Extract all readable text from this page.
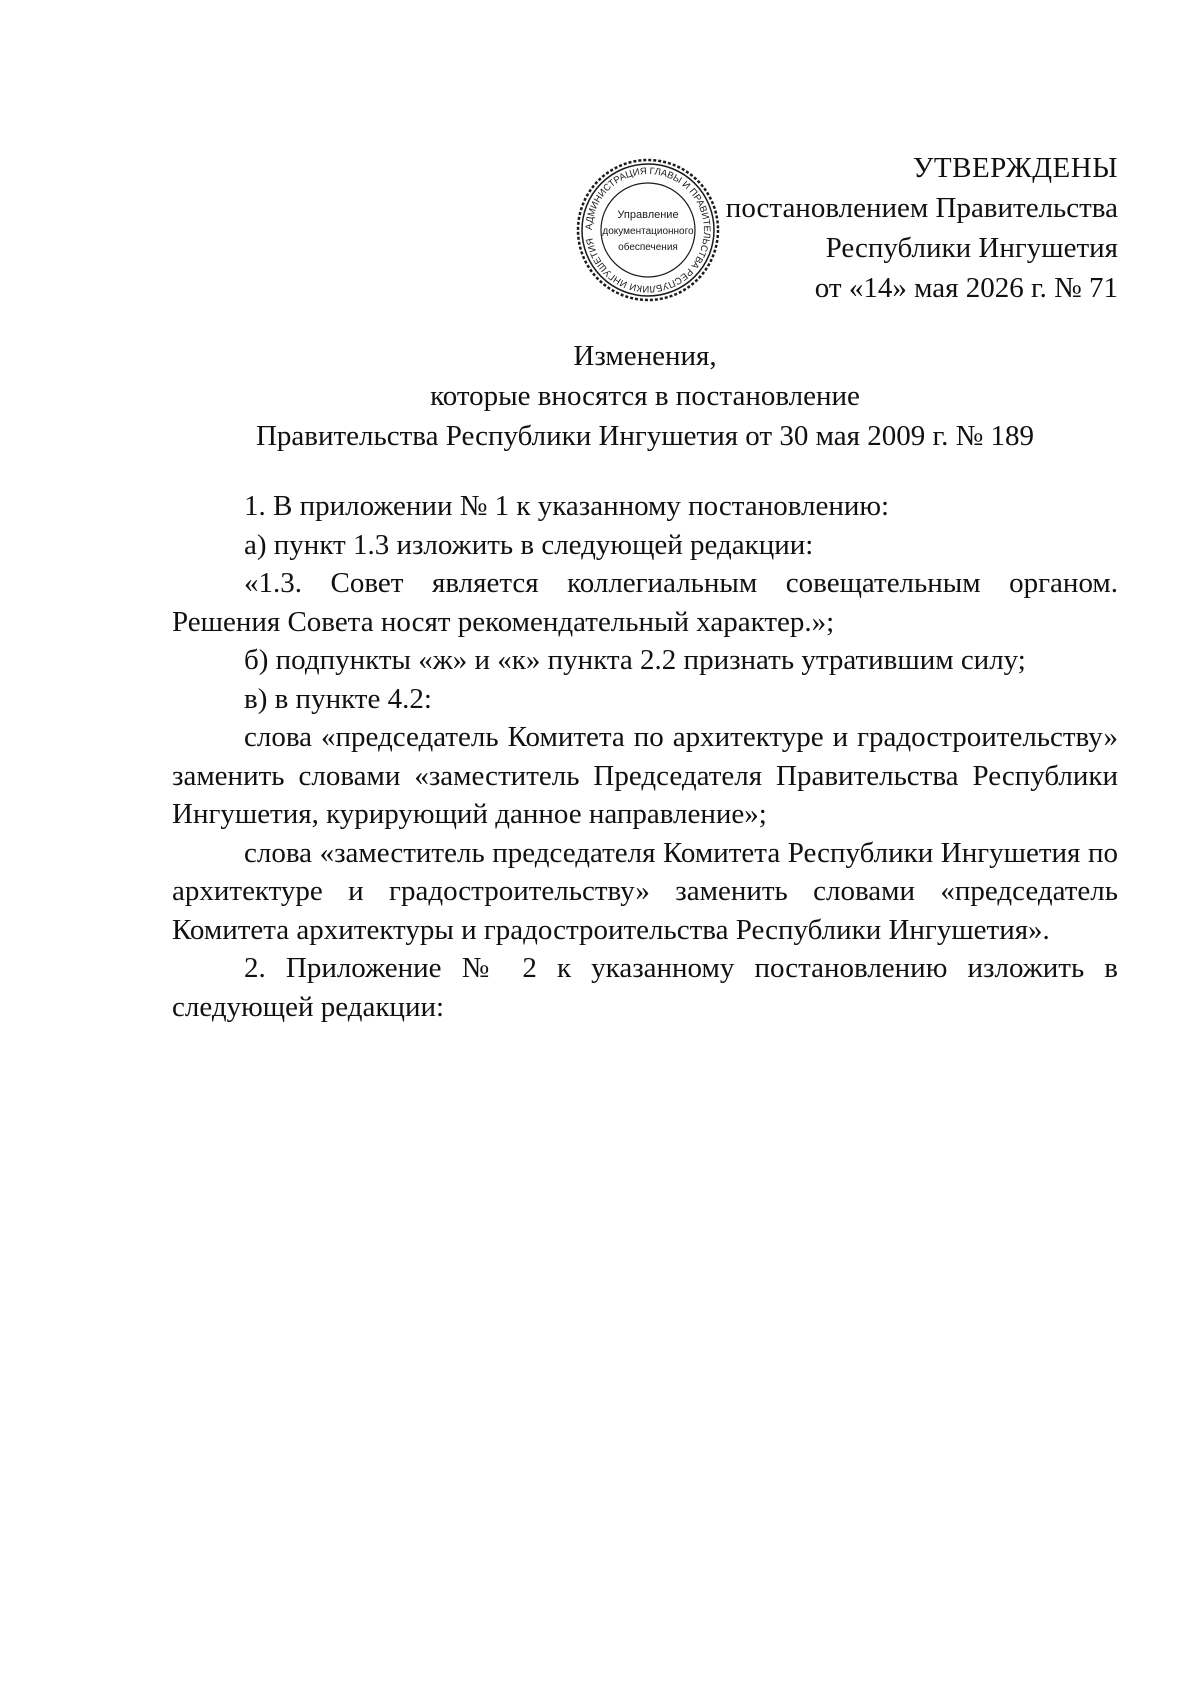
АДМИНИСТРАЦИЯ ГЛАВЫ И ПРАВИТЕЛЬСТВА РЕСПУБЛИКИ ИНГУШЕТИЯ
Управление
документационного
обеспечения
УТВЕРЖДЕНЫ
постановлением Правительства
Республики Ингушетия
от «14» мая 2026 г. № 71
Изменения,
которые вносятся в постановление
Правительства Республики Ингушетия от 30 мая 2009 г. № 189

1. В приложении № 1 к указанному постановлению:

а) пункт 1.3 изложить в следующей редакции:

«1.3. Совет является коллегиальным совещательным органом. Решения Совета носят рекомендательный характер.»;

б) подпункты «ж» и «к» пункта 2.2 признать утратившим силу;

в) в пункте 4.2:

слова «председатель Комитета по архитектуре и градостроительству» заменить словами «заместитель Председателя Правительства Республики Ингушетия, курирующий данное направление»;

слова «заместитель председателя Комитета Республики Ингушетия по архитектуре и градостроительству» заменить словами «председатель Комитета архитектуры и градостроительства Республики Ингушетия».

2. Приложение № 2 к указанному постановлению изложить в следующей редакции:
